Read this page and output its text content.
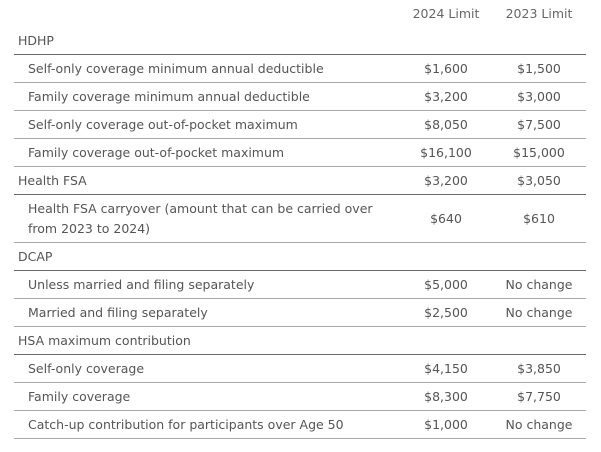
	2024 Limit	2023 Limit
HDHP		
Self-only coverage minimum annual deductible	$1,600	$1,500
Family coverage minimum annual deductible	$3,200	$3,000
Self-only coverage out-of-pocket maximum	$8,050	$7,500
Family coverage out-of-pocket maximum	$16,100	$15,000
Health FSA	$3,200	$3,050
Health FSA carryover (amount that can be carried over from 2023 to 2024)	$640	$610
DCAP		
Unless married and filing separately	$5,000	No change
Married and filing separately	$2,500	No change
HSA maximum contribution		
Self-only coverage	$4,150	$3,850
Family coverage	$8,300	$7,750
Catch-up contribution for participants over Age 50	$1,000	No change
